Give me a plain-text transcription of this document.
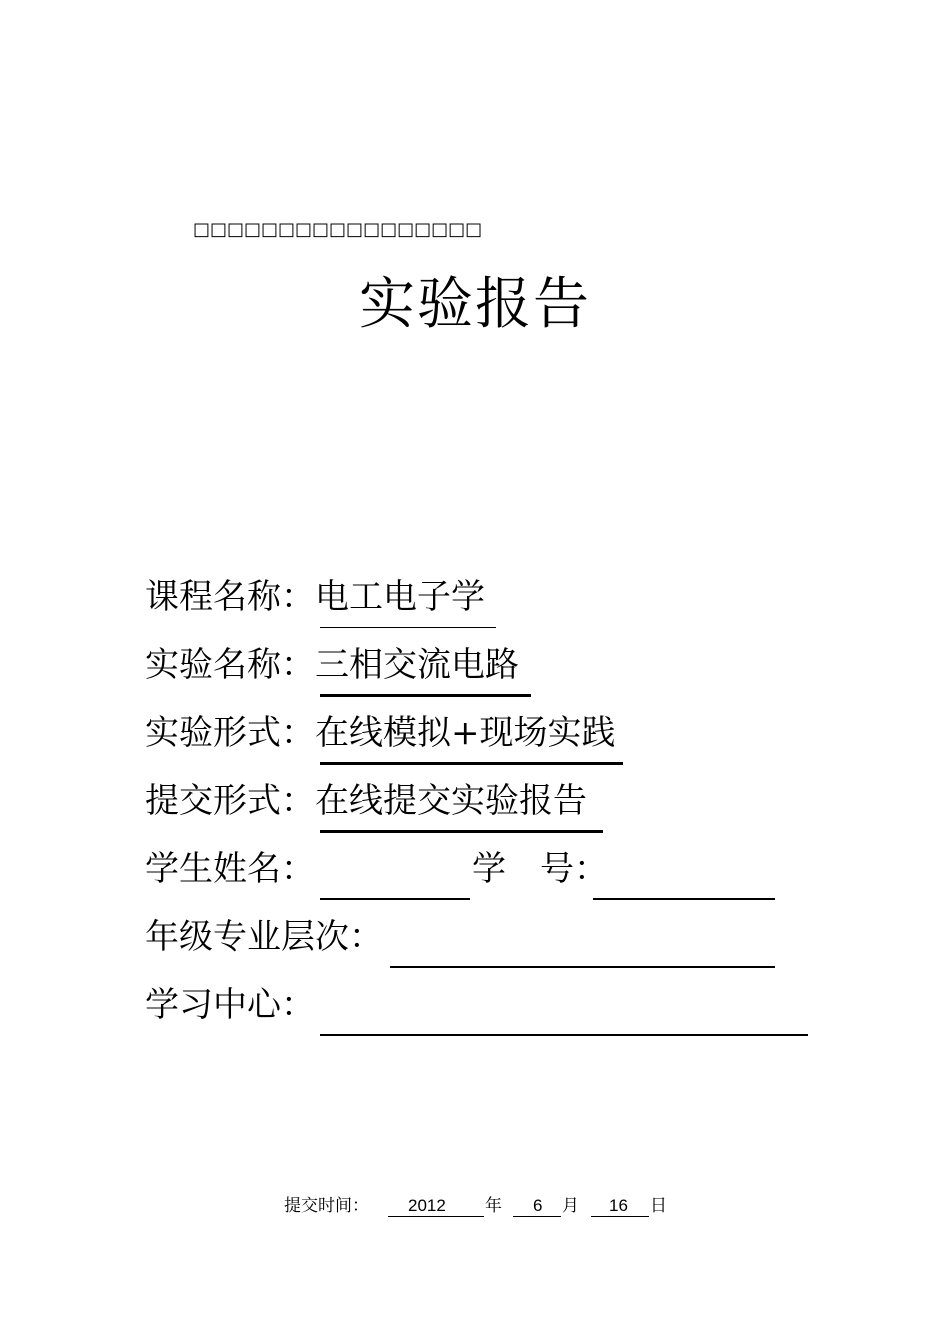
□□□□□□□□□□□□□□□□□
实验报告
课程名称：电工电子学
实验名称：三相交流电路
实验形式：在线模拟+现场实践
提交形式：在线提交实验报告
学生姓名：	学　号：
年级专业层次：
学习中心：
提交时间：	2012	年	6	月	16	日
